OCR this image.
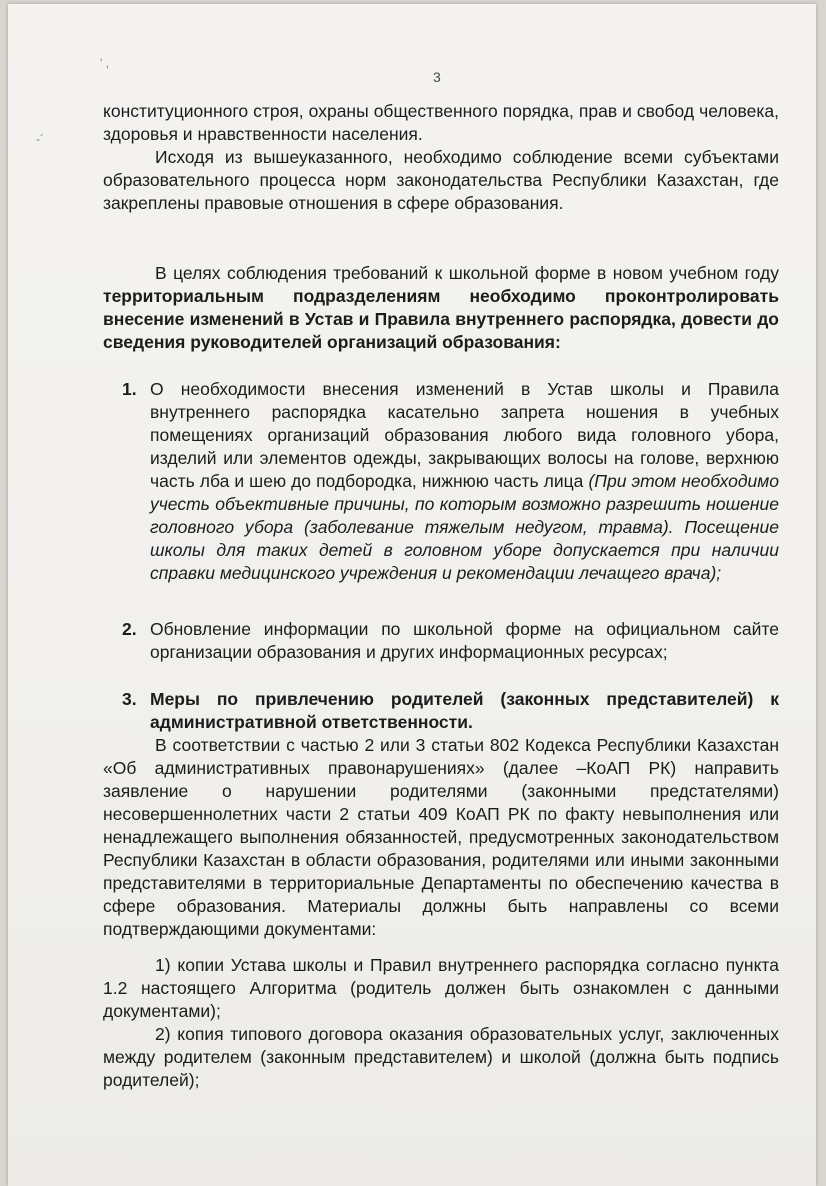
' ,
-´
3

конституционного строя, охраны общественного порядка, прав и свобод человека, здоровья и нравственности населения.

Исходя из вышеуказанного, необходимо соблюдение всеми субъектами образовательного процесса норм законодательства Республики Казахстан, где закреплены правовые отношения в сфере образования.

В целях соблюдения требований к школьной форме в новом учебном году территориальным подразделениям необходимо проконтролировать внесение изменений в Устав и Правила внутреннего распорядка, довести до сведения руководителей организаций образования:

1. О необходимости внесения изменений в Устав школы и Правила внутреннего распорядка касательно запрета ношения в учебных помещениях организаций образования любого вида головного убора, изделий или элементов одежды, закрывающих волосы на голове, верхнюю часть лба и шею до подбородка, нижнюю часть лица (При этом необходимо учесть объективные причины, по которым возможно разрешить ношение головного убора (заболевание тяжелым недугом, травма). Посещение школы для таких детей в головном уборе допускается при наличии справки медицинского учреждения и рекомендации лечащего врача);
2. Обновление информации по школьной форме на официальном сайте организации образования и других информационных ресурсах;
3. Меры по привлечению родителей (законных представителей) к административной ответственности.

В соответствии с частью 2 или 3 статьи 802 Кодекса Республики Казахстан «Об административных правонарушениях» (далее –КоАП РК) направить заявление о нарушении родителями (законными предстателями) несовершеннолетних части 2 статьи 409 КоАП РК по факту невыполнения или ненадлежащего выполнения обязанностей, предусмотренных законодательством Республики Казахстан в области образования, родителями или иными законными представителями в территориальные Департаменты по обеспечению качества в сфере образования. Материалы должны быть направлены со всеми подтверждающими документами:

1) копии Устава школы и Правил внутреннего распорядка согласно пункта 1.2 настоящего Алгоритма (родитель должен быть ознакомлен с данными документами);

2) копия типового договора оказания образовательных услуг, заключенных между родителем (законным представителем) и школой (должна быть подпись родителей);
